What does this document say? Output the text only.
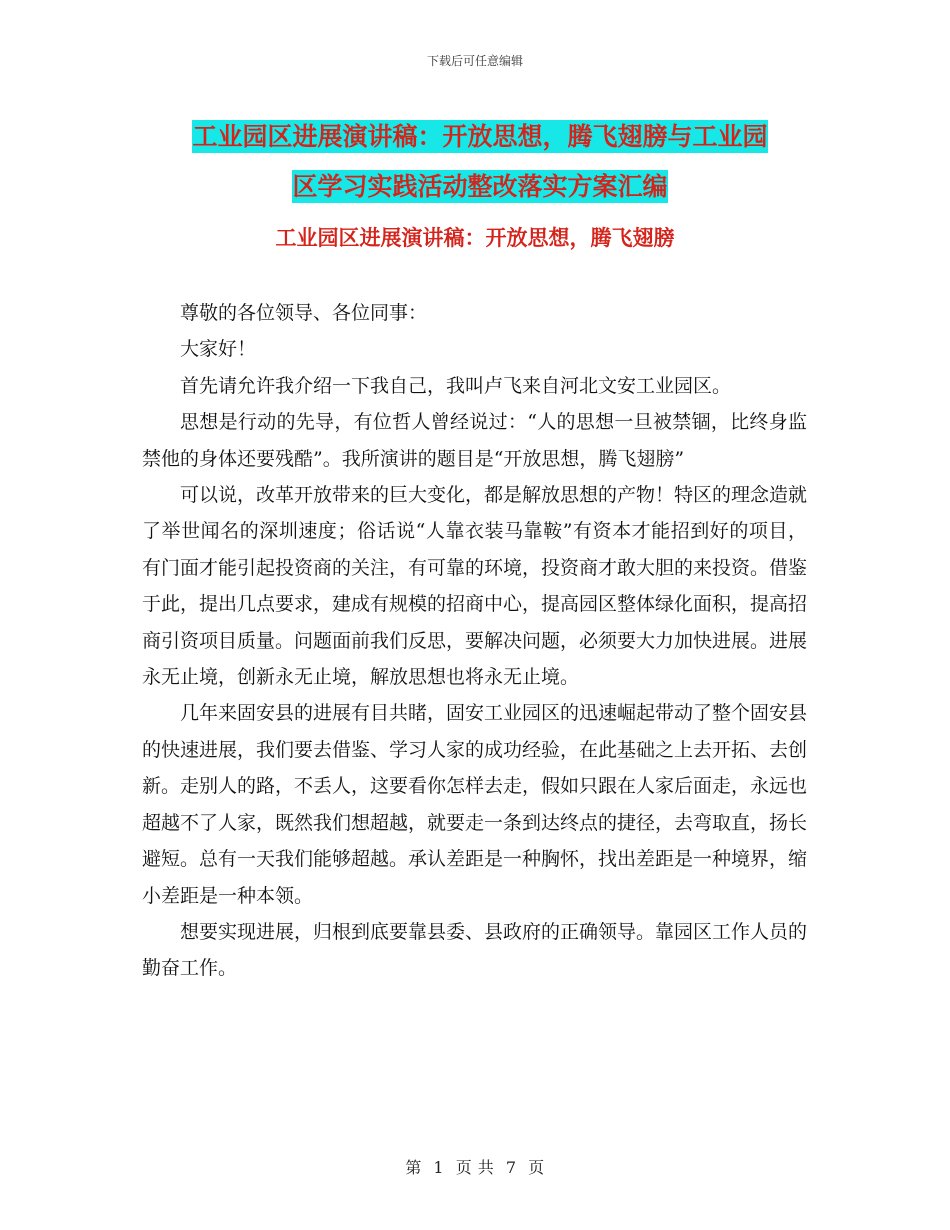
下载后可任意编辑
工业园区进展演讲稿：开放思想，腾飞翅膀与工业园
区学习实践活动整改落实方案汇编
工业园区进展演讲稿：开放思想，腾飞翅膀

尊敬的各位领导、各位同事：

大家好！

首先请允许我介绍一下我自己，我叫卢飞来自河北文安工业园区。

思想是行动的先导，有位哲人曾经说过：“人的思想一旦被禁锢，比终身监禁他的身体还要残酷”。我所演讲的题目是“开放思想，腾飞翅膀”

可以说，改革开放带来的巨大变化，都是解放思想的产物！特区的理念造就了举世闻名的深圳速度；俗话说“人靠衣装马靠鞍”有资本才能招到好的项目，有门面才能引起投资商的关注，有可靠的环境，投资商才敢大胆的来投资。借鉴于此，提出几点要求，建成有规模的招商中心，提高园区整体绿化面积，提高招商引资项目质量。问题面前我们反思，要解决问题，必须要大力加快进展。进展永无止境，创新永无止境，解放思想也将永无止境。

几年来固安县的进展有目共睹，固安工业园区的迅速崛起带动了整个固安县的快速进展，我们要去借鉴、学习人家的成功经验，在此基础之上去开拓、去创新。走别人的路，不丢人，这要看你怎样去走，假如只跟在人家后面走，永远也超越不了人家，既然我们想超越，就要走一条到达终点的捷径，去弯取直，扬长避短。总有一天我们能够超越。承认差距是一种胸怀，找出差距是一种境界，缩小差距是一种本领。

想要实现进展，归根到底要靠县委、县政府的正确领导。靠园区工作人员的勤奋工作。

第 1 页 共 7 页
